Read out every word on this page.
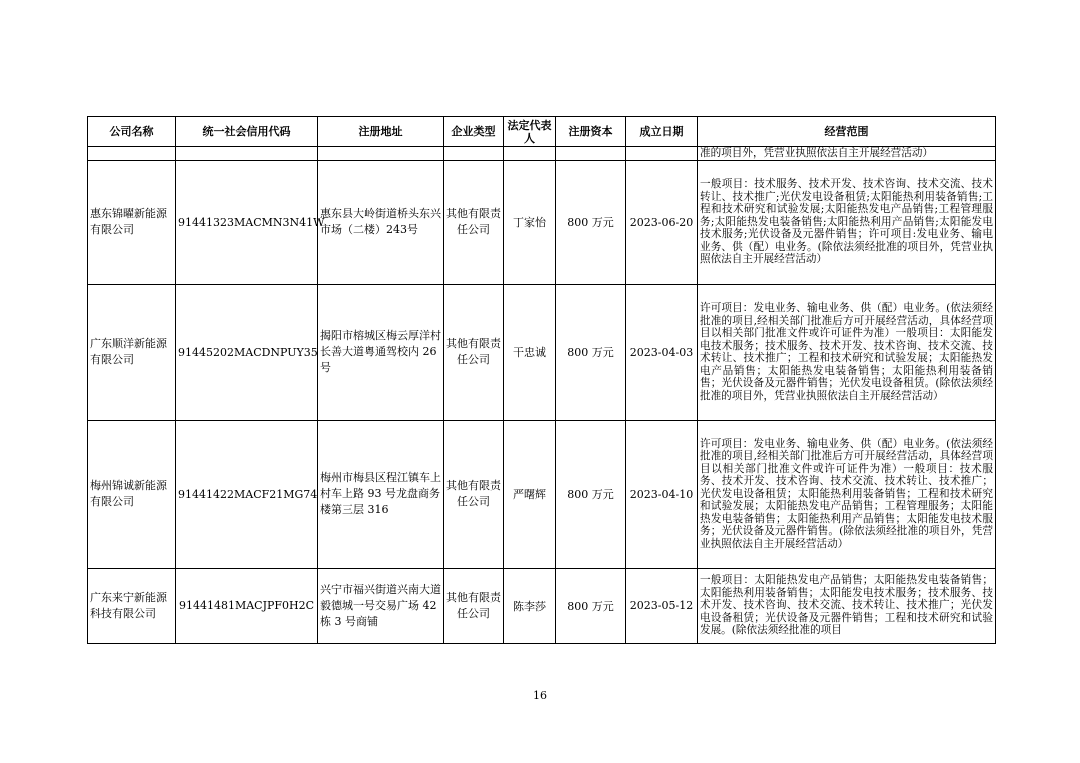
公司名称	统一社会信用代码	注册地址	企业类型	法定代表人	注册资本	成立日期	经营范围
							准的项目外，凭营业执照依法自主开展经营活动）
惠东锦曜新能源有限公司	91441323MACMN3N41W	惠东县大岭街道桥头东兴市场（二楼）243号	其他有限责任公司	丁家怡	800 万元	2023-06-20	一般项目：技术服务、技术开发、技术咨询、技术交流、技术转让、技术推广;光伏发电设备租赁;太阳能热利用装备销售;工程和技术研究和试验发展;太阳能热发电产品销售;工程管理服务;太阳能热发电装备销售;太阳能热利用产品销售;太阳能发电技术服务;光伏设备及元器件销售；许可项目:发电业务、输电业务、供（配）电业务。(除依法须经批准的项目外，凭营业执照依法自主开展经营活动）
广东顺洋新能源有限公司	91445202MACDNPUY35	揭阳市榕城区梅云厚洋村长善大道粤通驾校内 26 号	其他有限责任公司	干忠诚	800 万元	2023-04-03	许可项目：发电业务、输电业务、供（配）电业务。(依法须经批准的项目,经相关部门批准后方可开展经营活动，具体经营项目以相关部门批准文件或许可证件为准）一般项目：太阳能发电技术服务；技术服务、技术开发、技术咨询、技术交流、技术转让、技术推广；工程和技术研究和试验发展；太阳能热发电产品销售；太阳能热发电装备销售；太阳能热利用装备销售；光伏设备及元器件销售；光伏发电设备租赁。(除依法须经批准的项目外，凭营业执照依法自主开展经营活动）
梅州锦诚新能源有限公司	91441422MACF21MG74	梅州市梅县区程江镇车上村车上路 93 号龙盘商务楼第三层 316	其他有限责任公司	严曙辉	800 万元	2023-04-10	许可项目：发电业务、输电业务、供（配）电业务。(依法须经批准的项目,经相关部门批准后方可开展经营活动，具体经营项目以相关部门批准文件或许可证件为准）一般项目：技术服务、技术开发、技术咨询、技术交流、技术转让、技术推广；光伏发电设备租赁；太阳能热利用装备销售；工程和技术研究和试验发展；太阳能热发电产品销售；工程管理服务；太阳能热发电装备销售；太阳能热利用产品销售；太阳能发电技术服务；光伏设备及元器件销售。(除依法须经批准的项目外，凭营业执照依法自主开展经营活动）
广东来宁新能源科技有限公司	91441481MACJPF0H2C	兴宁市福兴街道兴南大道毅德城一号交易广场 42 栋 3 号商铺	其他有限责任公司	陈李莎	800 万元	2023-05-12	一般项目：太阳能热发电产品销售；太阳能热发电装备销售；太阳能热利用装备销售；太阳能发电技术服务；技术服务、技术开发、技术咨询、技术交流、技术转让、技术推广；光伏发电设备租赁；光伏设备及元器件销售；工程和技术研究和试验发展。(除依法须经批准的项目
16
